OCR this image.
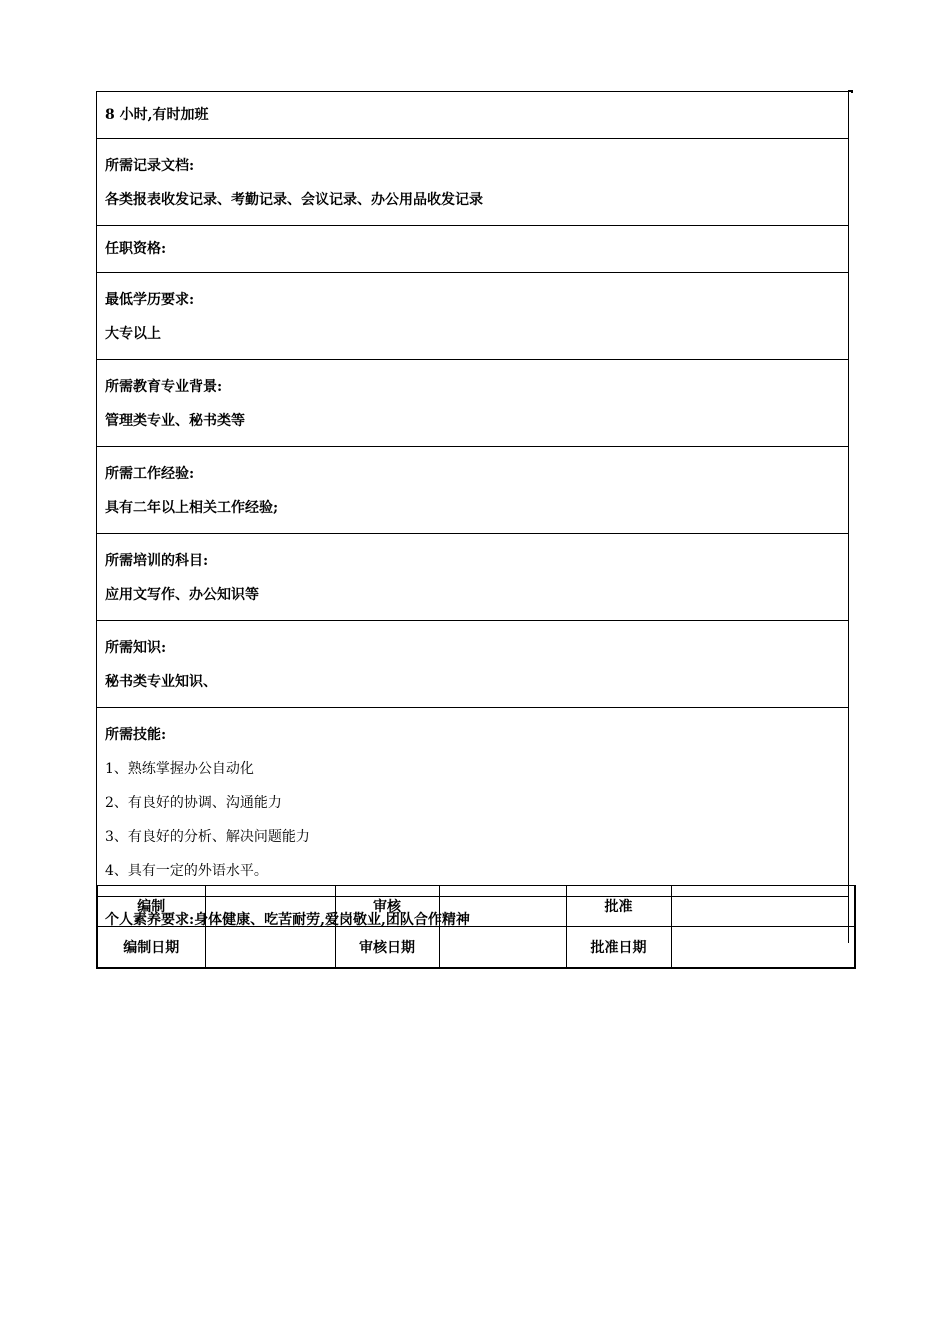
8 小时,有时加班
所需记录文档:
各类报表收发记录、考勤记录、会议记录、办公用品收发记录
任职资格:
最低学历要求:
大专以上
所需教育专业背景:
管理类专业、秘书类等
所需工作经验:
具有二年以上相关工作经验;
所需培训的科目:
应用文写作、办公知识等
所需知识:
秘书类专业知识、
所需技能:
1、熟练掌握办公自动化
2、有良好的协调、沟通能力
3、有良好的分析、解决问题能力
4、具有一定的外语水平。
个人素养要求:身体健康、吃苦耐劳,爱岗敬业,团队合作精神
编制		审核		批准	
编制日期		审核日期		批准日期	
